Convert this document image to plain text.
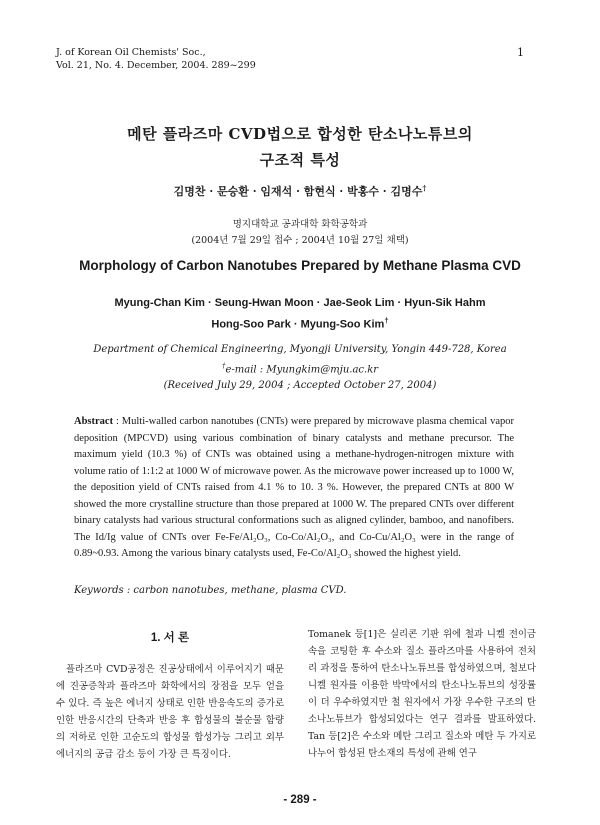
J. of Korean Oil Chemists' Soc.,
Vol. 21, No. 4. December, 2004. 289~299
1
메탄 플라즈마 CVD법으로 합성한 탄소나노튜브의
구조적 특성
김명찬 · 문승환 · 임재석 · 함현식 · 박홍수 · 김명수†
명지대학교 공과대학 화학공학과
(2004년 7월 29일 접수 ; 2004년 10월 27일 채택)
Morphology of Carbon Nanotubes Prepared by Methane Plasma CVD
Myung-Chan Kim · Seung-Hwan Moon · Jae-Seok Lim · Hyun-Sik Hahm
Hong-Soo Park · Myung-Soo Kim†
Department of Chemical Engineering, Myongji University, Yongin 449-728, Korea
†e-mail : Myungkim@mju.ac.kr
(Received July 29, 2004 ; Accepted October 27, 2004)
Abstract : Multi-walled carbon nanotubes (CNTs) were prepared by microwave plasma chemical vapor deposition (MPCVD) using various combination of binary catalysts and methane precursor. The maximum yield (10.3 %) of CNTs was obtained using a methane-hydrogen-nitrogen mixture with volume ratio of 1:1:2 at 1000 W of microwave power. As the microwave power increased up to 1000 W, the deposition yield of CNTs raised from 4.1 % to 10. 3 %. However, the prepared CNTs at 800 W showed the more crystalline structure than those prepared at 1000 W. The prepared CNTs over different binary catalysts had various structural conformations such as aligned cylinder, bamboo, and nanofibers. The Id/Ig value of CNTs over Fe-Fe/Al₂O₃, Co-Co/Al₂O₃, and Co-Cu/Al₂O₃ were in the range of 0.89~0.93. Among the various binary catalysts used, Fe-Co/Al₂O₃ showed the highest yield.
Keywords : carbon nanotubes, methane, plasma CVD.
1. 서 론

플라즈마 CVD공정은 진공상태에서 이루어지기 때문에 진공증착과 플라즈마 화학에서의 장점을 모두 얻을 수 있다. 즉 높은 에너지 상태로 인한 반응속도의 증가로 인한 반응시간의 단축과 반응 후 합성물의 불순물 함량의 저하로 인한 고순도의 합성물 합성가능 그리고 외부에너지의 공급 감소 등이 가장 큰 특징이다.

Tomanek 등[1]은 실리콘 기판 위에 철과 니켈 전이금속을 코팅한 후 수소와 질소 플라즈마를 사용하여 전처리 과정을 통하여 탄소나노튜브를 합성하였으며, 철보다 니켈 원자를 이용한 박막에서의 탄소나노튜브의 성장률이 더 우수하였지만 철 원자에서 가장 우수한 구조의 탄소나노튜브가 합성되었다는 연구 결과를 발표하였다. Tan 등[2]은 수소와 메탄 그리고 질소와 메탄 두 가지로 나누어 합성된 탄소재의 특성에 관해 연구

- 289 -
